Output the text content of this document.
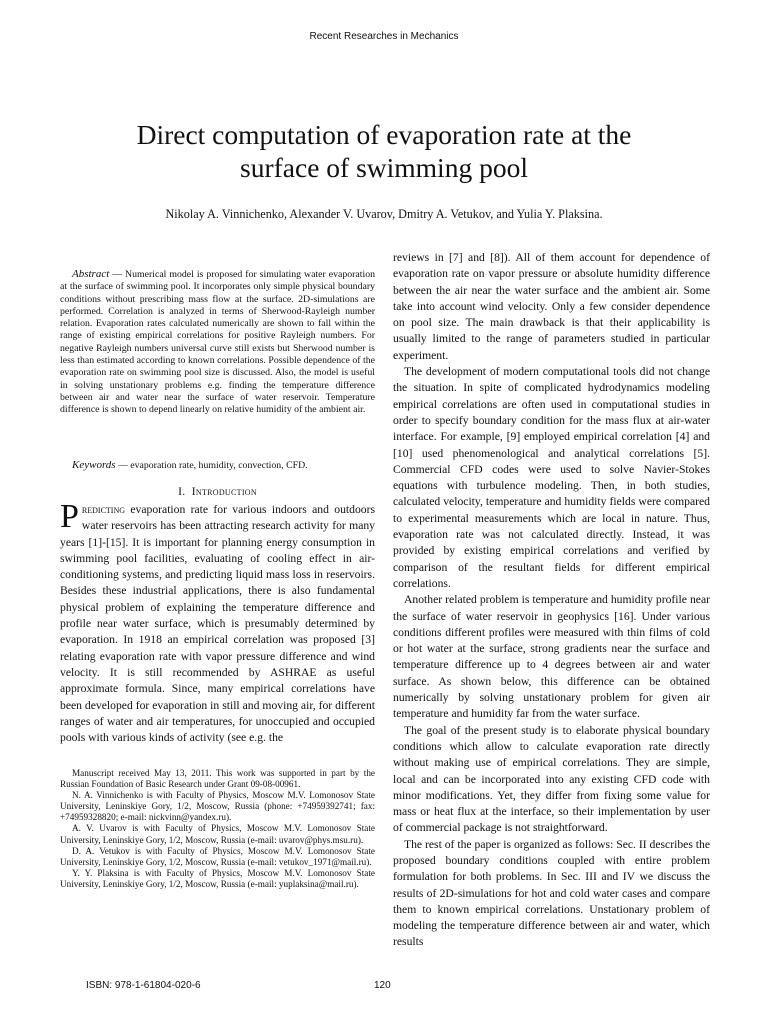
Recent Researches in Mechanics
Direct computation of evaporation rate at the
surface of swimming pool
Nikolay A. Vinnichenko, Alexander V. Uvarov, Dmitry A. Vetukov, and Yulia Y. Plaksina.
Abstract — Numerical model is proposed for simulating water evaporation at the surface of swimming pool. It incorporates only simple physical boundary conditions without prescribing mass flow at the surface. 2D-simulations are performed. Correlation is analyzed in terms of Sherwood-Rayleigh number relation. Evaporation rates calculated numerically are shown to fall within the range of existing empirical correlations for positive Rayleigh numbers. For negative Rayleigh numbers universal curve still exists but Sherwood number is less than estimated according to known correlations. Possible dependence of the evaporation rate on swimming pool size is discussed. Also, the model is useful in solving unstationary problems e.g. finding the temperature difference between air and water near the surface of water reservoir. Temperature difference is shown to depend linearly on relative humidity of the ambient air.
Keywords — evaporation rate, humidity, convection, CFD.
I. Introduction
Predicting evaporation rate for various indoors and outdoors water reservoirs has been attracting research activity for many years [1]-[15]. It is important for planning energy consumption in swimming pool facilities, evaluating of cooling effect in air-conditioning systems, and predicting liquid mass loss in reservoirs. Besides these industrial applications, there is also fundamental physical problem of explaining the temperature difference and profile near water surface, which is presumably determined by evaporation. In 1918 an empirical correlation was proposed [3] relating evaporation rate with vapor pressure difference and wind velocity. It is still recommended by ASHRAE as useful approximate formula. Since, many empirical correlations have been developed for evaporation in still and moving air, for different ranges of water and air temperatures, for unoccupied and occupied pools with various kinds of activity (see e.g. the

Manuscript received May 13, 2011. This work was supported in part by the Russian Foundation of Basic Research under Grant 09-08-00961.

N. A. Vinnichenko is with Faculty of Physics, Moscow M.V. Lomonosov State University, Leninskiye Gory, 1/2, Moscow, Russia (phone: +74959392741; fax: +74959328820; e-mail: nickvinn@yandex.ru).

A. V. Uvarov is with Faculty of Physics, Moscow M.V. Lomonosov State University, Leninskiye Gory, 1/2, Moscow, Russia (e-mail: uvarov@phys.msu.ru).

D. A. Vetukov is with Faculty of Physics, Moscow M.V. Lomonosov State University, Leninskiye Gory, 1/2, Moscow, Russia (e-mail: vetukov_1971@mail.ru).

Y. Y. Plaksina is with Faculty of Physics, Moscow M.V. Lomonosov State University, Leninskiye Gory, 1/2, Moscow, Russia (e-mail: yuplaksina@mail.ru).

reviews in [7] and [8]). All of them account for dependence of evaporation rate on vapor pressure or absolute humidity difference between the air near the water surface and the ambient air. Some take into account wind velocity. Only a few consider dependence on pool size. The main drawback is that their applicability is usually limited to the range of parameters studied in particular experiment.

The development of modern computational tools did not change the situation. In spite of complicated hydrodynamics modeling empirical correlations are often used in computational studies in order to specify boundary condition for the mass flux at air-water interface. For example, [9] employed empirical correlation [4] and [10] used phenomenological and analytical correlations [5]. Commercial CFD codes were used to solve Navier-Stokes equations with turbulence modeling. Then, in both studies, calculated velocity, temperature and humidity fields were compared to experimental measurements which are local in nature. Thus, evaporation rate was not calculated directly. Instead, it was provided by existing empirical correlations and verified by comparison of the resultant fields for different empirical correlations.

Another related problem is temperature and humidity profile near the surface of water reservoir in geophysics [16]. Under various conditions different profiles were measured with thin films of cold or hot water at the surface, strong gradients near the surface and temperature difference up to 4 degrees between air and water surface. As shown below, this difference can be obtained numerically by solving unstationary problem for given air temperature and humidity far from the water surface.

The goal of the present study is to elaborate physical boundary conditions which allow to calculate evaporation rate directly without making use of empirical correlations. They are simple, local and can be incorporated into any existing CFD code with minor modifications. Yet, they differ from fixing some value for mass or heat flux at the interface, so their implementation by user of commercial package is not straightforward.

The rest of the paper is organized as follows: Sec. II describes the proposed boundary conditions coupled with entire problem formulation for both problems. In Sec. III and IV we discuss the results of 2D-simulations for hot and cold water cases and compare them to known empirical correlations. Unstationary problem of modeling the temperature difference between air and water, which results

ISBN: 978-1-61804-020-6	120
